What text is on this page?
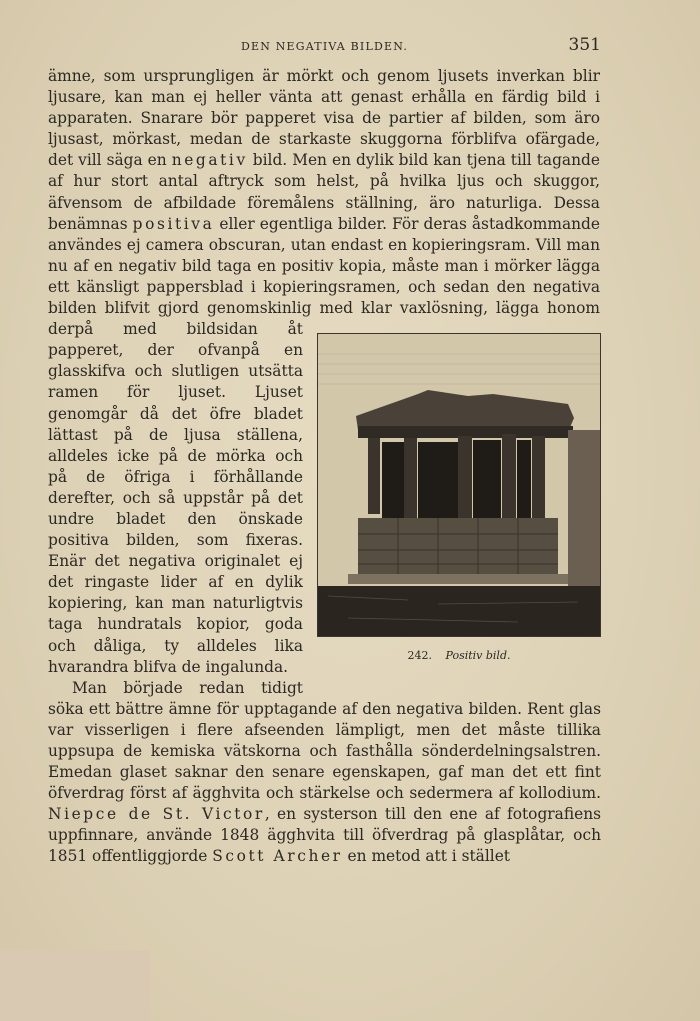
DEN NEGATIVA BILDEN.	351

ämne, som ursprungligen är mörkt och genom ljusets inverkan blir ljusare, kan man ej heller vänta att genast erhålla en färdig bild i apparaten. Snarare bör papperet visa de partier af bilden, som äro ljusast, mörkast, medan de starkaste skuggorna förblifva ofärgade, det vill säga en negativ bild. Men en dylik bild kan tjena till tagande af hur stort antal aftryck som helst, på hvilka ljus och skuggor, äfvensom de afbildade föremålens ställning, äro naturliga. Dessa benämnas positiva eller egentliga bilder. För deras åstadkommande användes ej camera obscuran, utan endast en kopieringsram. Vill man nu af en negativ bild taga en positiv kopia, måste man i mörker lägga ett känsligt pappersblad i kopieringsramen, och sedan den negativa bilden blifvit gjord genomskinlig med klar vaxlösning, lägga honom derpå med bildsidan åt papperet, der ofvanpå en glasskifva och slutligen utsätta ramen för ljuset. Ljuset genomgår då det öfre bladet lättast på de ljusa ställena, alldeles icke på de mörka och på de öfriga i förhållande derefter, och så uppstår på det undre bladet den önskade positiva bilden, som fixeras. Enär det negativa originalet ej det ringaste lider af en dylik kopiering, kan man naturligtvis taga hundratals kopior, goda och dåliga, ty alldeles lika hvarandra blifva de ingalunda.

Man började redan tidigt söka ett bättre ämne för upptagande af den negativa bilden. Rent glas var visserligen i flere afseenden lämpligt, men det måste tillika uppsupa de kemiska vätskorna och fasthålla sönderdelningsalstren. Emedan glaset saknar den senare egenskapen, gaf man det ett fint öfverdrag först af ägghvita och stärkelse och sedermera af kollodium. Niepce de St. Victor, en systerson till den ene af fotografiens uppfinnare, använde 1848 ägghvita till öfverdrag på glasplåtar, och 1851 offentliggjorde Scott Archer en metod att i stället

242. Positiv bild.
